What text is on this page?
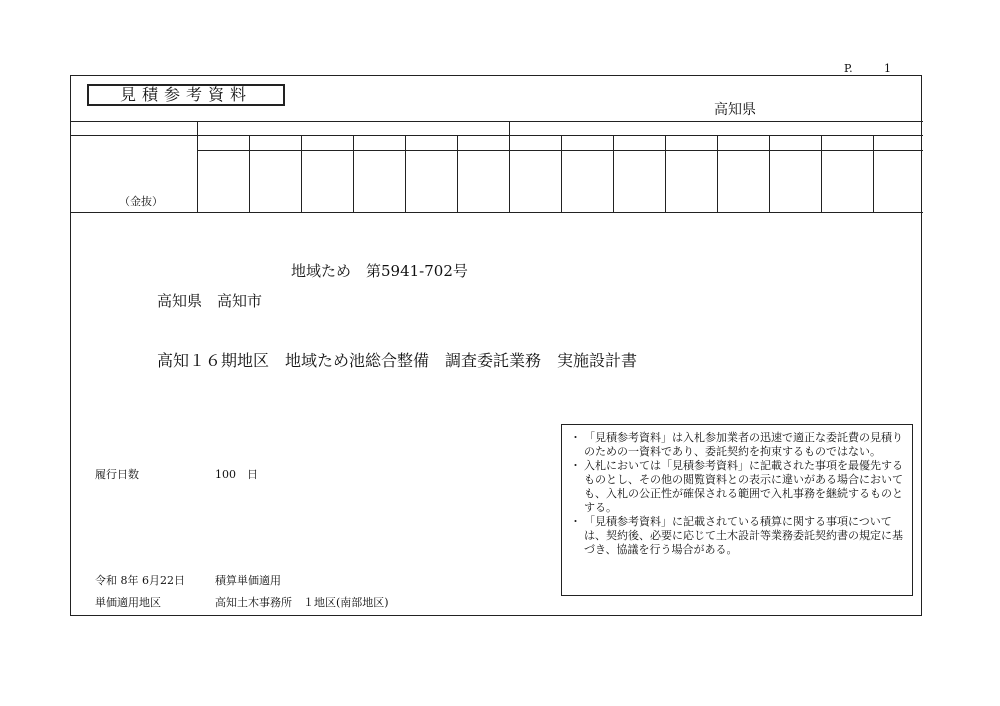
P.	1
見積参考資料
高知県
（金抜）
地域ため　第5941-702号
高知県　高知市
高知１６期地区　地域ため池総合整備　調査委託業務　実施設計書
履行日数	100　日
令和 8年 6月22日	積算単価適用
単価適用地区	高知土木事務所　１地区(南部地区)
・ 「見積参考資料」は入札参加業者の迅速で適正な委託費の見積りのための一資料であり、委託契約を拘束するものではない。
・ 入札においては「見積参考資料」に記載された事項を最優先するものとし、その他の閲覧資料との表示に違いがある場合においても、入札の公正性が確保される範囲で入札事務を継続するものとする。
・ 「見積参考資料」に記載されている積算に関する事項については、契約後、必要に応じて土木設計等業務委託契約書の規定に基づき、協議を行う場合がある。
